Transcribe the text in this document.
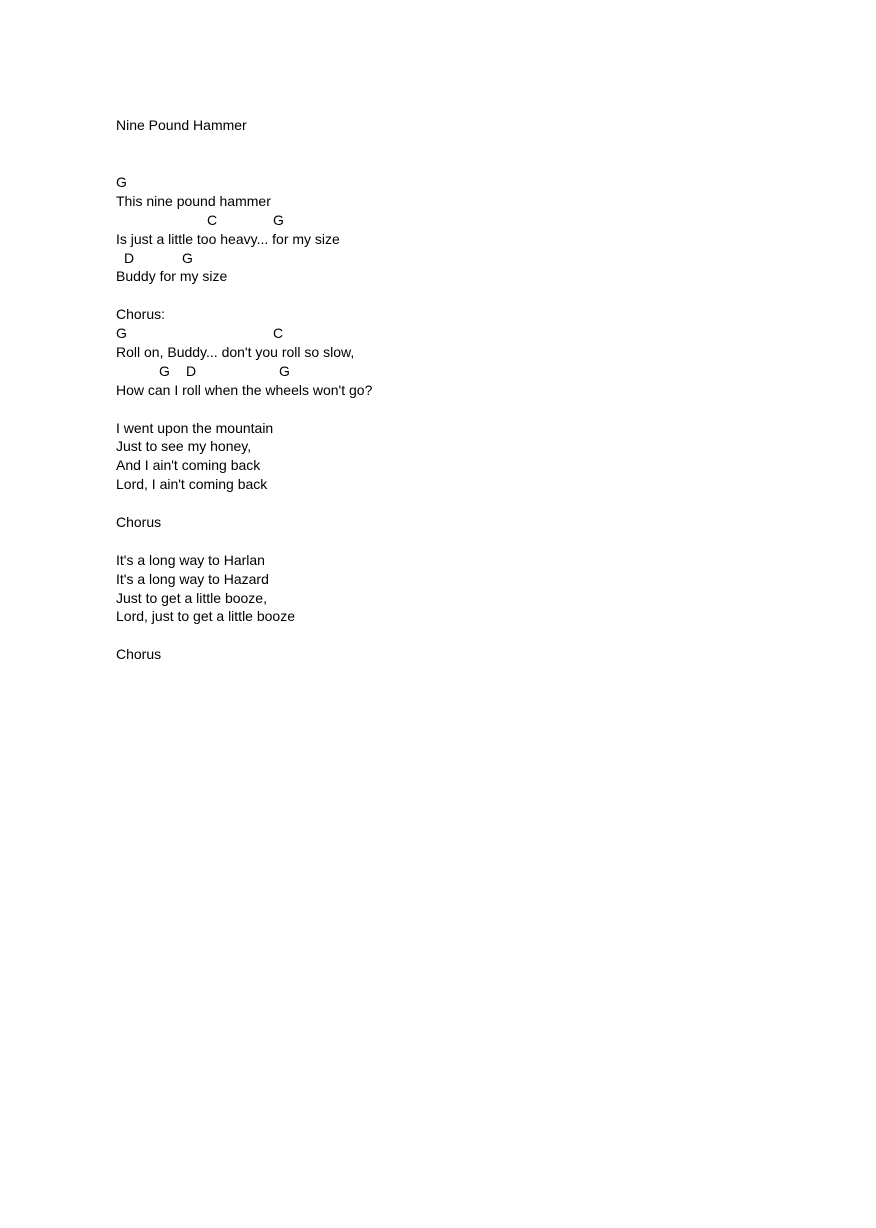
Nine Pound Hammer

G

This nine pound hammer

C

	G

Is just a little too heavy... for my size

D

	G

Buddy for my size
Chorus:

G

	C

Roll on, Buddy... don't you roll so slow,

G

D

	G

How can I roll when the wheels won't go?
I went upon the mountain
Just to see my honey,
And I ain't coming back
Lord, I ain't coming back
Chorus
It's a long way to Harlan
It's a long way to Hazard
Just to get a little booze,
Lord, just to get a little booze
Chorus
